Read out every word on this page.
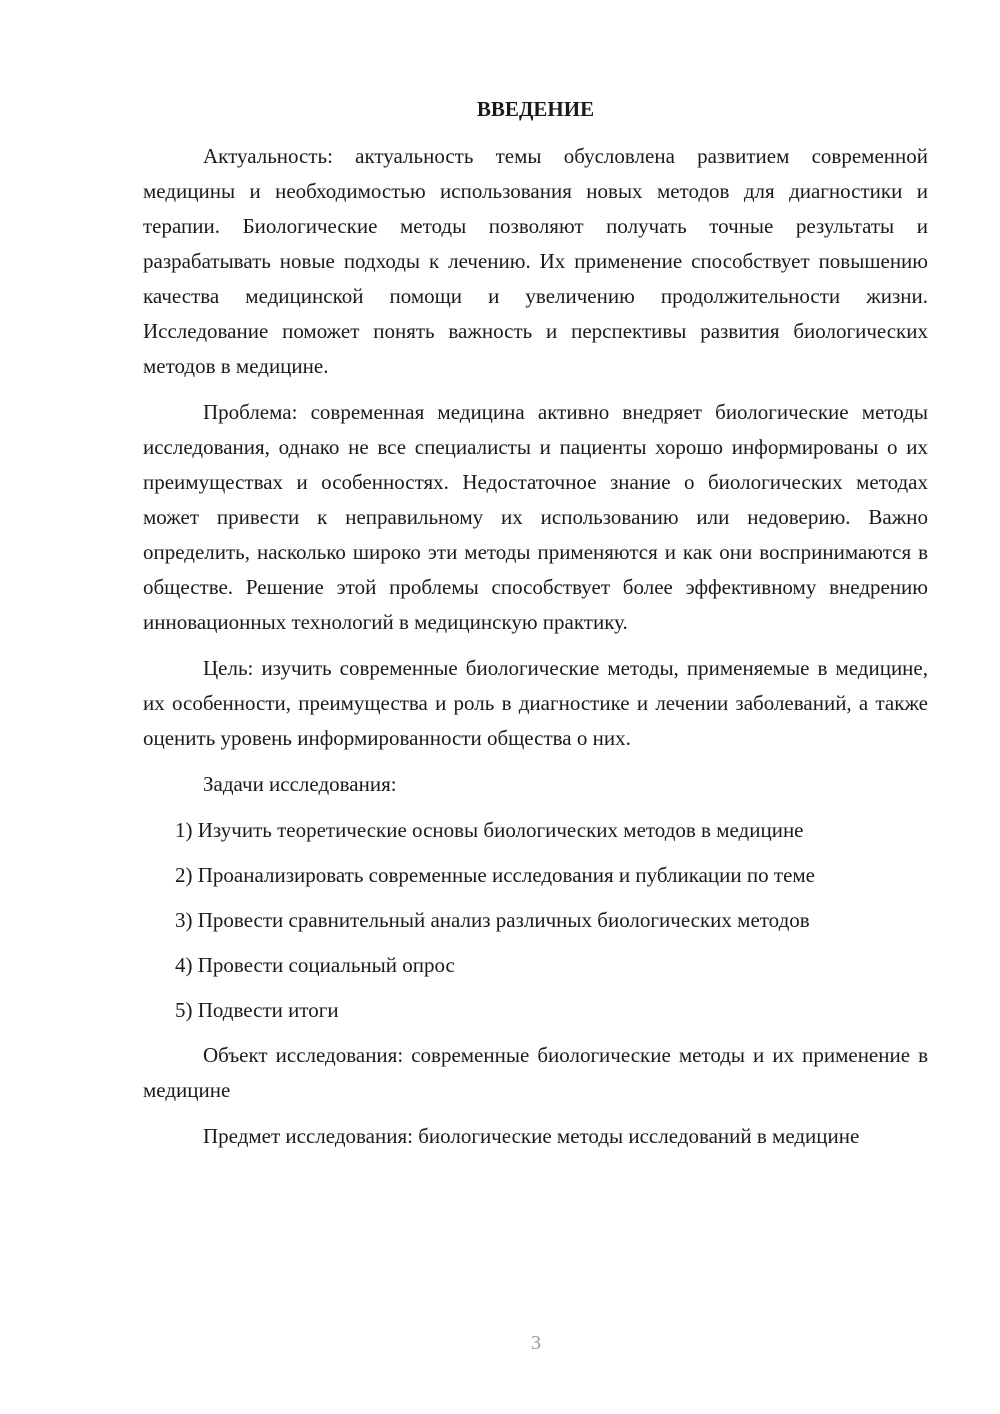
ВВЕДЕНИЕ

Актуальность: актуальность темы обусловлена развитием современной медицины и необходимостью использования новых методов для диагностики и терапии. Биологические методы позволяют получать точные результаты и разрабатывать новые подходы к лечению. Их применение способствует повышению качества медицинской помощи и увеличению продолжительности жизни. Исследование поможет понять важность и перспективы развития биологических методов в медицине.

Проблема: современная медицина активно внедряет биологические методы исследования, однако не все специалисты и пациенты хорошо информированы о их преимуществах и особенностях. Недостаточное знание о биологических методах может привести к неправильному их использованию или недоверию. Важно определить, насколько широко эти методы применяются и как они воспринимаются в обществе. Решение этой проблемы способствует более эффективному внедрению инновационных технологий в медицинскую практику.

Цель: изучить современные биологические методы, применяемые в медицине, их особенности, преимущества и роль в диагностике и лечении заболеваний, а также оценить уровень информированности общества о них.

Задачи исследования:

1) Изучить теоретические основы биологических методов в медицине

2) Проанализировать современные исследования и публикации по теме

3) Провести сравнительный анализ различных биологических методов

4) Провести социальный опрос

5) Подвести итоги

Объект исследования: современные биологические методы и их применение в медицине

Предмет исследования: биологические методы исследований в медицине

3
